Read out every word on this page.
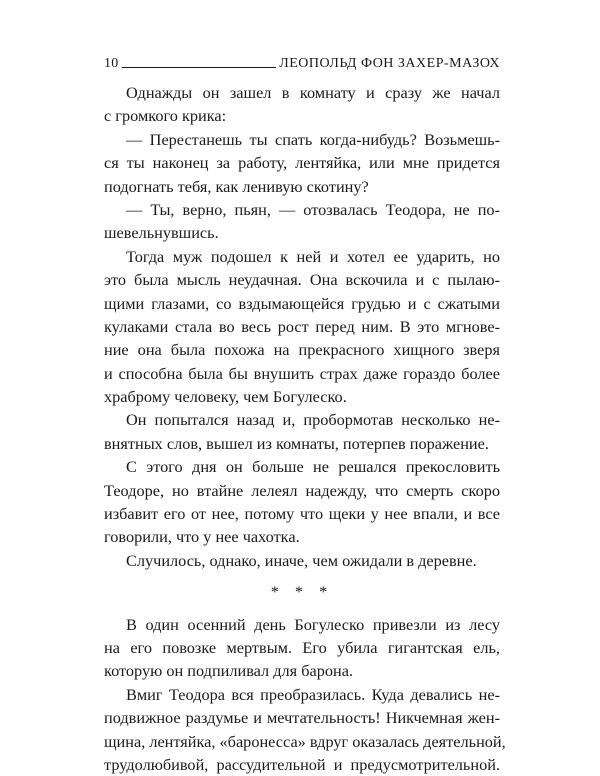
10	ЛЕОПОЛЬД ФОН ЗАХЕР-МАЗОХ
Однажды он зашел в комнату и сразу же начал
с громкого крика:
— Перестанешь ты спать когда-нибудь? Возьмешь-
ся ты наконец за работу, лентяйка, или мне придется
подогнать тебя, как ленивую скотину?
— Ты, верно, пьян, — отозвалась Теодора, не по-
шевельнувшись.
Тогда муж подошел к ней и хотел ее ударить, но
это была мысль неудачная. Она вскочила и с пылаю-
щими глазами, со вздымающейся грудью и с сжатыми
кулаками стала во весь рост перед ним. В это мгнове-
ние она была похожа на прекрасного хищного зверя
и способна была бы внушить страх даже гораздо более
храброму человеку, чем Богулеско.
Он попытался назад и, пробормотав несколько не-
внятных слов, вышел из комнаты, потерпев поражение.
С этого дня он больше не решался прекословить
Теодоре, но втайне лелеял надежду, что смерть скоро
избавит его от нее, потому что щеки у нее впали, и все
говорили, что у нее чахотка.
Случилось, однако, иначе, чем ожидали в деревне.
* * *
В один осенний день Богулеско привезли из лесу
на его повозке мертвым. Его убила гигантская ель,
которую он подпиливал для барона.
Вмиг Теодора вся преобразилась. Куда девались не-
подвижное раздумье и мечтательность! Никчемная жен-
щина, лентяйка, «баронесса» вдруг оказалась деятельной,
трудолюбивой, рассудительной и предусмотрительной.
